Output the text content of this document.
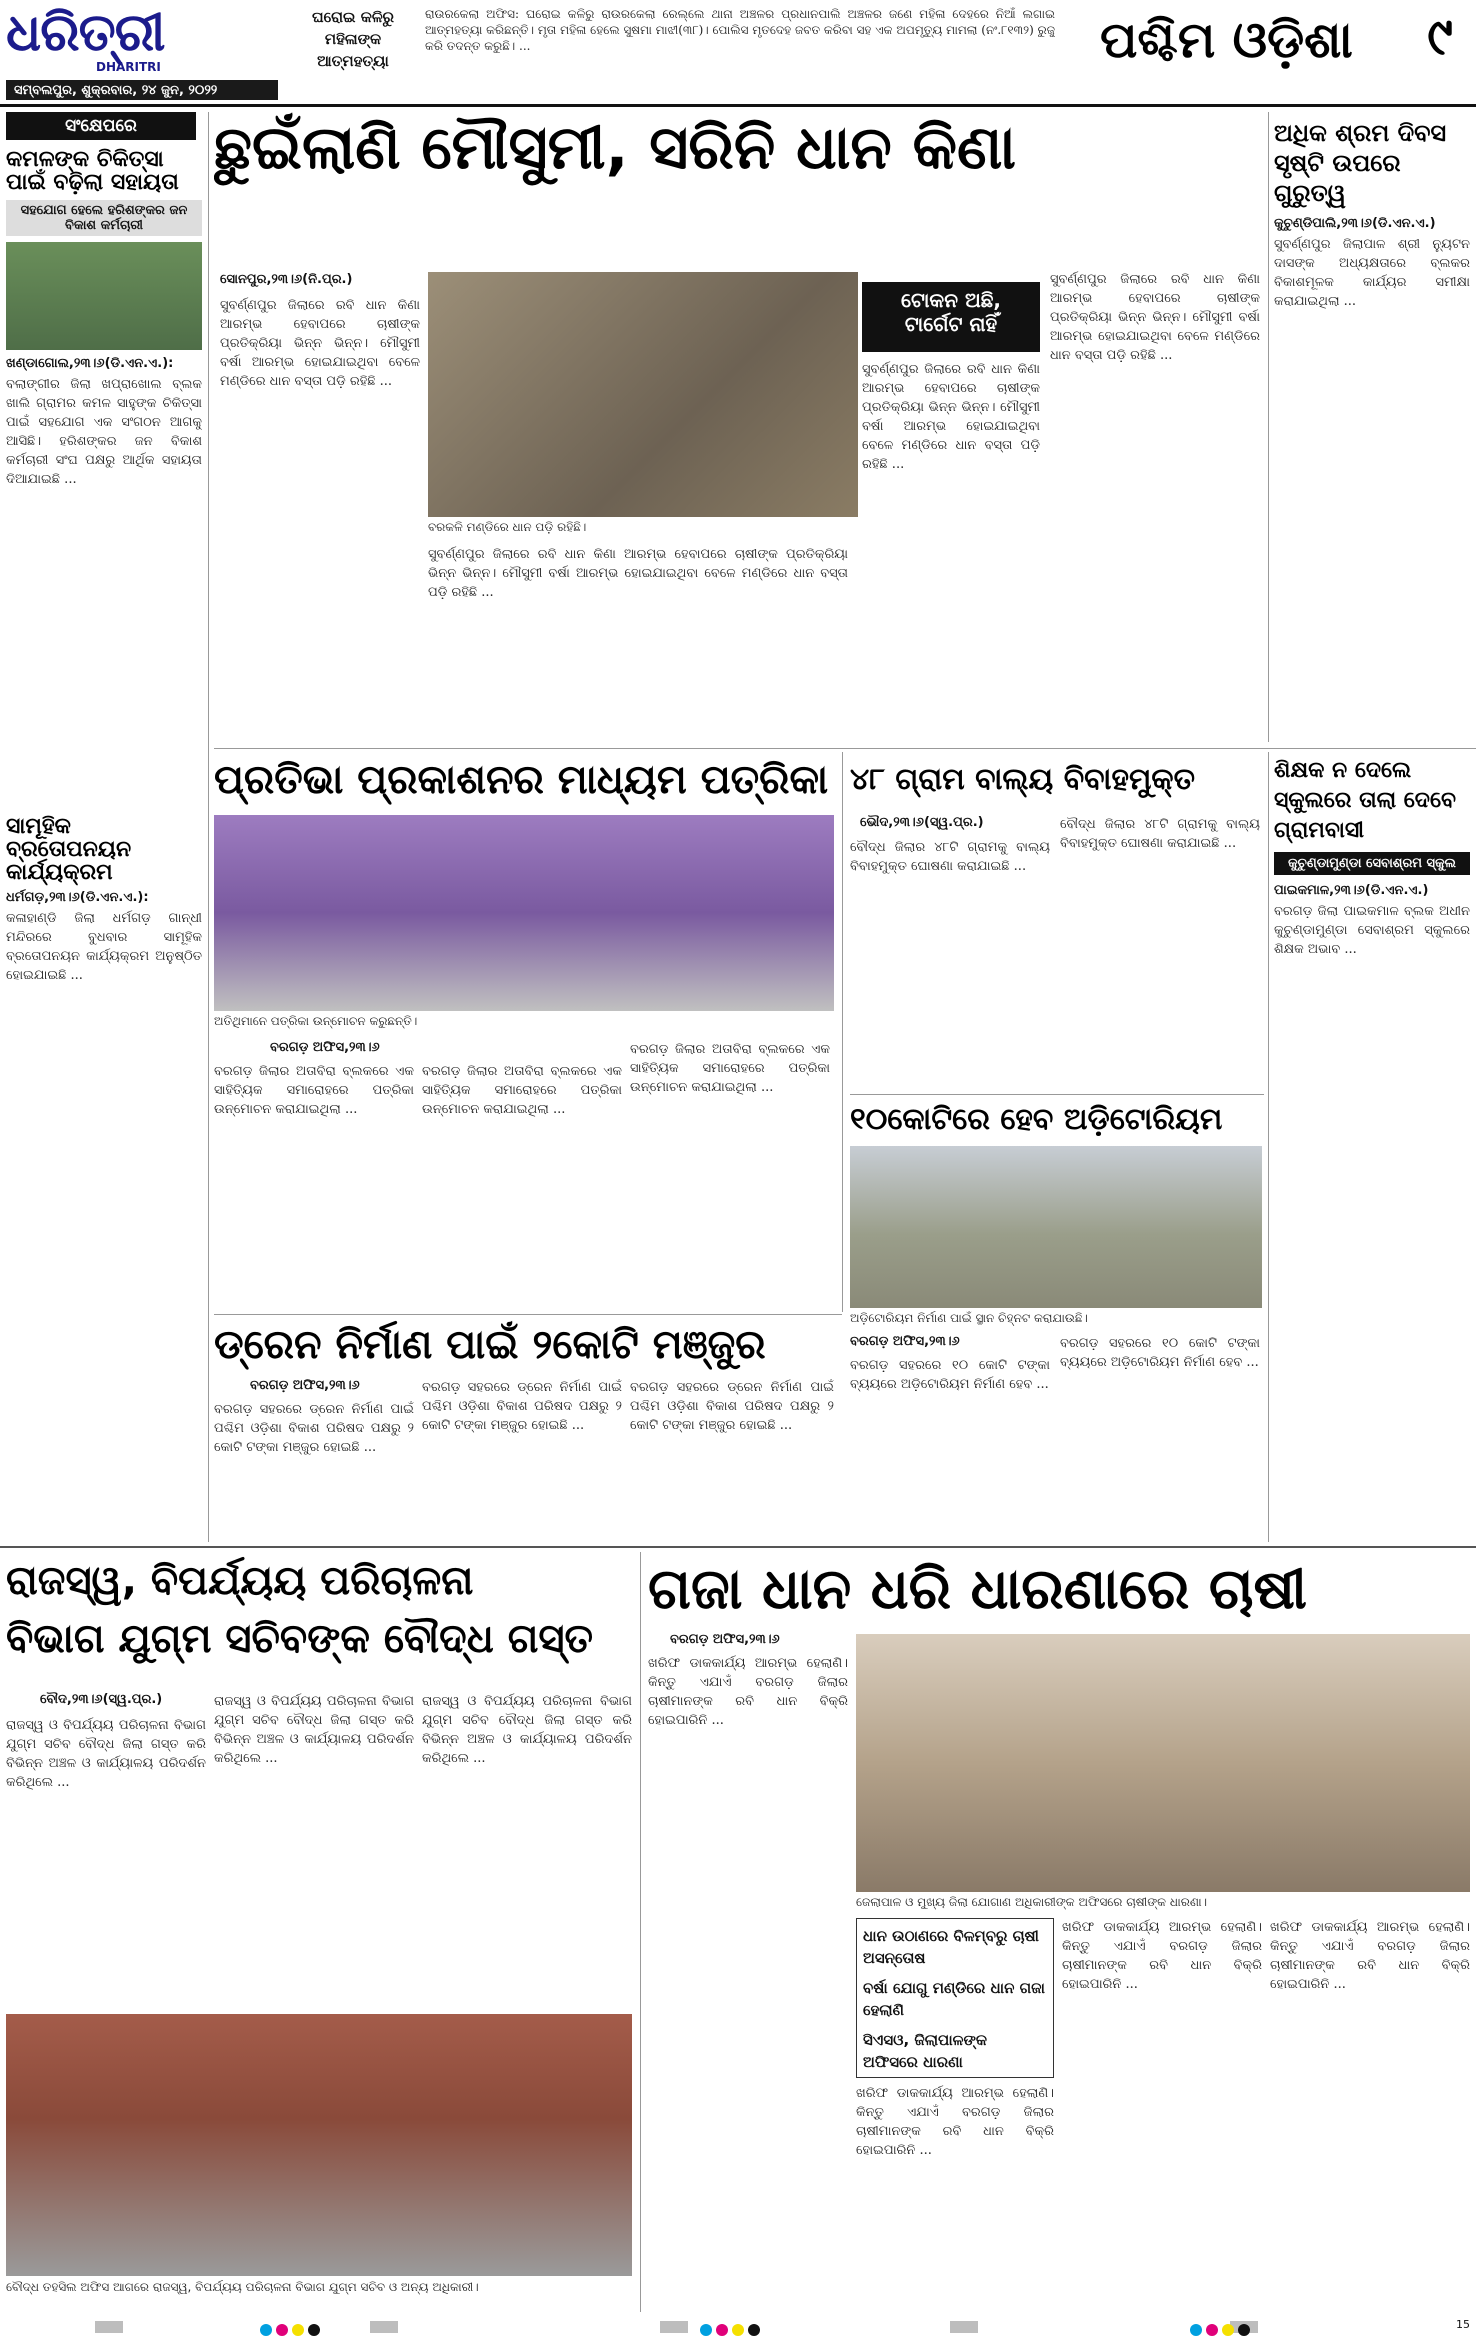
ଧରିତ୍ରୀ
DHARITRI
ସମ୍ବଲପୁର, ଶୁକ୍ରବାର, ୨୪ ଜୁନ, ୨୦୨୨
ଘରୋଇ କଳିରୁ ମହିଳାଙ୍କ ଆତ୍ମହତ୍ୟା
ରାଉରକେଲା ଅଫିସ: ଘରୋଇ କଳିରୁ ରାଉରକେଲା ରେଲ୍ଲେ ଥାନା ଅଞ୍ଚଳର ପ୍ରଧାନପାଲି ଅଞ୍ଚଳର ଜଣେ ମହିଳା ଦେହରେ ନିଆଁ ଲଗାଇ ଆତ୍ମହତ୍ୟା କରିଛନ୍ତି। ମୃତା ମହିଳା ହେଲେ ସୁଷମା ମାଝୀ(୩୮)। ପୋଲିସ ମୃତଦେହ ଜବତ କରିବା ସହ ଏକ ଅପମୃତ୍ୟୁ ମାମଲା (ନଂ.୮୧୩୨) ରୁଜୁ କରି ତଦନ୍ତ କରୁଛି। ...	ପଶ୍ଚିମ ଓଡ଼ିଶା	୯
ସଂକ୍ଷେପରେ
କମଳଙ୍କ ଚିକିତ୍ସା ପାଇଁ ବଢ଼ିଲା ସହାୟତା
ସହଯୋଗ ହେଲେ ହରିଶଙ୍କର ଜନ ବିକାଶ କର୍ମଚାରୀ
ଖଣ୍ଡାଗୋଲ,୨୩।୬(ଡି.ଏନ.ଏ.):
ବଲାଙ୍ଗୀର ଜିଲା ଖପ୍ରାଖୋଲ ବ୍ଲକ ଖାଲି ଗ୍ରାମର କମଳ ସାହୁଙ୍କ ଚିକିତ୍ସା ପାଇଁ ସହଯୋଗ ଏକ ସଂଗଠନ ଆଗକୁ ଆସିଛି। ହରିଶଙ୍କର ଜନ ବିକାଶ କର୍ମଚାରୀ ସଂଘ ପକ୍ଷରୁ ଆର୍ଥିକ ସହାୟତା ଦିଆଯାଇଛି ...
ସାମୂହିକ ବ୍ରତୋପନୟନ କାର୍ଯ୍ୟକ୍ରମ
ଧର୍ମଗଡ଼,୨୩।୬(ଡି.ଏନ.ଏ.):
କଳାହାଣ୍ଡି ଜିଲା ଧର୍ମଗଡ଼ ଗାନ୍ଧୀ ମନ୍ଦିରରେ ବୁଧବାର ସାମୂହିକ ବ୍ରତୋପନୟନ କାର୍ଯ୍ୟକ୍ରମ ଅନୁଷ୍ଠିତ ହୋଇଯାଇଛି ...
ଛୁଇଁଲାଣି ମୌସୁମୀ, ସରିନି ଧାନ କିଣା
ସୋନପୁର,୨୩।୬(ନି.ପ୍ର.)
ସୁବର୍ଣ୍ଣପୁର ଜିଲାରେ ରବି ଧାନ କିଣା ଆରମ୍ଭ ହେବାପରେ ଚାଷୀଙ୍କ ପ୍ରତିକ୍ରିୟା ଭିନ୍ନ ଭିନ୍ନ। ମୌସୁମୀ ବର୍ଷା ଆରମ୍ଭ ହୋଇଯାଇଥିବା ବେଳେ ମଣ୍ଡିରେ ଧାନ ବସ୍ତା ପଡ଼ି ରହିଛି ...
ବରକଳି ମଣ୍ଡିରେ ଧାନ ପଡ଼ି ରହିଛି।
ସୁବର୍ଣ୍ଣପୁର ଜିଲାରେ ରବି ଧାନ କିଣା ଆରମ୍ଭ ହେବାପରେ ଚାଷୀଙ୍କ ପ୍ରତିକ୍ରିୟା ଭିନ୍ନ ଭିନ୍ନ। ମୌସୁମୀ ବର୍ଷା ଆରମ୍ଭ ହୋଇଯାଇଥିବା ବେଳେ ମଣ୍ଡିରେ ଧାନ ବସ୍ତା ପଡ଼ି ରହିଛି ...
ଟୋକନ ଅଛି,
ଟାର୍ଗେଟ ନାହିଁ
ସୁବର୍ଣ୍ଣପୁର ଜିଲାରେ ରବି ଧାନ କିଣା ଆରମ୍ଭ ହେବାପରେ ଚାଷୀଙ୍କ ପ୍ରତିକ୍ରିୟା ଭିନ୍ନ ଭିନ୍ନ। ମୌସୁମୀ ବର୍ଷା ଆରମ୍ଭ ହୋଇଯାଇଥିବା ବେଳେ ମଣ୍ଡିରେ ଧାନ ବସ୍ତା ପଡ଼ି ରହିଛି ...
ସୁବର୍ଣ୍ଣପୁର ଜିଲାରେ ରବି ଧାନ କିଣା ଆରମ୍ଭ ହେବାପରେ ଚାଷୀଙ୍କ ପ୍ରତିକ୍ରିୟା ଭିନ୍ନ ଭିନ୍ନ। ମୌସୁମୀ ବର୍ଷା ଆରମ୍ଭ ହୋଇଯାଇଥିବା ବେଳେ ମଣ୍ଡିରେ ଧାନ ବସ୍ତା ପଡ଼ି ରହିଛି ...
ଅଧିକ ଶ୍ରମ ଦିବସ ସୃଷ୍ଟି ଉପରେ ଗୁରୁତ୍ୱ
କୁଚୁଣ୍ଡିପାଲି,୨୩।୬(ଡି.ଏନ.ଏ.)
ସୁବର୍ଣ୍ଣପୁର ଜିଲାପାଳ ଶ୍ରୀ ନ୍ୟୁଟନ ଦାସଙ୍କ ଅଧ୍ୟକ୍ଷତାରେ ବ୍ଲକର ବିକାଶମୂଳକ କାର୍ଯ୍ୟର ସମୀକ୍ଷା କରାଯାଇଥିଲା ...
ପ୍ରତିଭା ପ୍ରକାଶନର ମାଧ୍ୟମ ପତ୍ରିକା
ଅତିଥିମାନେ ପତ୍ରିକା ଉନ୍ମୋଚନ କରୁଛନ୍ତି।
ବରଗଡ଼ ଅଫିସ,୨୩।୬
ବରଗଡ଼ ଜିଲାର ଅତାବିରା ବ୍ଲକରେ ଏକ ସାହିତ୍ୟିକ ସମାରୋହରେ ପତ୍ରିକା ଉନ୍ମୋଚନ କରାଯାଇଥିଲା ...
ବରଗଡ଼ ଜିଲାର ଅତାବିରା ବ୍ଲକରେ ଏକ ସାହିତ୍ୟିକ ସମାରୋହରେ ପତ୍ରିକା ଉନ୍ମୋଚନ କରାଯାଇଥିଲା ...
ବରଗଡ଼ ଜିଲାର ଅତାବିରା ବ୍ଲକରେ ଏକ ସାହିତ୍ୟିକ ସମାରୋହରେ ପତ୍ରିକା ଉନ୍ମୋଚନ କରାଯାଇଥିଲା ...
୪୮ ଗ୍ରାମ ବାଲ୍ୟ ବିବାହମୁକ୍ତ
ଭୌଦ,୨୩।୬(ସ୍ୱ.ପ୍ର.)
ବୌଦ୍ଧ ଜିଲାର ୪୮ଟି ଗ୍ରାମକୁ ବାଲ୍ୟ ବିବାହମୁକ୍ତ ଘୋଷଣା କରାଯାଇଛି ...
ବୌଦ୍ଧ ଜିଲାର ୪୮ଟି ଗ୍ରାମକୁ ବାଲ୍ୟ ବିବାହମୁକ୍ତ ଘୋଷଣା କରାଯାଇଛି ...
ଶିକ୍ଷକ ନ ଦେଲେ ସ୍କୁଲରେ ତାଲା ଦେବେ ଗ୍ରାମବାସୀ
କୁଚୁଣ୍ଡାମୁଣ୍ଡା ସେବାଶ୍ରମ ସ୍କୁଲ
ପାଇକମାଳ,୨୩।୬(ଡି.ଏନ.ଏ.)
ବରଗଡ଼ ଜିଲା ପାଇକମାଳ ବ୍ଲକ ଅଧୀନ କୁଚୁଣ୍ଡାମୁଣ୍ଡା ସେବାଶ୍ରମ ସ୍କୁଲରେ ଶିକ୍ଷକ ଅଭାବ ...
୧୦କୋଟିରେ ହେବ ଅଡ଼ିଟୋରିୟମ
ଅଡ଼ିଟୋରିୟମ ନିର୍ମାଣ ପାଇଁ ସ୍ଥାନ ଚିହ୍ନଟ କରାଯାଉଛି।
ବରଗଡ଼ ଅଫିସ,୨୩।୬
ବରଗଡ଼ ସହରରେ ୧୦ କୋଟି ଟଙ୍କା ବ୍ୟୟରେ ଅଡ଼ିଟୋରିୟମ ନିର୍ମାଣ ହେବ ...
ବରଗଡ଼ ସହରରେ ୧୦ କୋଟି ଟଙ୍କା ବ୍ୟୟରେ ଅଡ଼ିଟୋରିୟମ ନିର୍ମାଣ ହେବ ...
ଡ୍ରେନ ନିର୍ମାଣ ପାଇଁ ୨କୋଟି ମଞ୍ଜୁର
ବରଗଡ଼ ଅଫିସ,୨୩।୬
ବରଗଡ଼ ସହରରେ ଡ୍ରେନ ନିର୍ମାଣ ପାଇଁ ପଶ୍ଚିମ ଓଡ଼ିଶା ବିକାଶ ପରିଷଦ ପକ୍ଷରୁ ୨ କୋଟି ଟଙ୍କା ମଞ୍ଜୁର ହୋଇଛି ...
ବରଗଡ଼ ସହରରେ ଡ୍ରେନ ନିର୍ମାଣ ପାଇଁ ପଶ୍ଚିମ ଓଡ଼ିଶା ବିକାଶ ପରିଷଦ ପକ୍ଷରୁ ୨ କୋଟି ଟଙ୍କା ମଞ୍ଜୁର ହୋଇଛି ...
ବରଗଡ଼ ସହରରେ ଡ୍ରେନ ନିର୍ମାଣ ପାଇଁ ପଶ୍ଚିମ ଓଡ଼ିଶା ବିକାଶ ପରିଷଦ ପକ୍ଷରୁ ୨ କୋଟି ଟଙ୍କା ମଞ୍ଜୁର ହୋଇଛି ...
ରାଜସ୍ୱ, ବିପର୍ଯ୍ୟୟ ପରିଚାଳନା
ବିଭାଗ ଯୁଗ୍ମ ସଚିବଙ୍କ ବୌଦ୍ଧ ଗସ୍ତ
ବୌଦ,୨୩।୬(ସ୍ୱ.ପ୍ର.)
ରାଜସ୍ୱ ଓ ବିପର୍ଯ୍ୟୟ ପରିଚାଳନା ବିଭାଗ ଯୁଗ୍ମ ସଚିବ ବୌଦ୍ଧ ଜିଲା ଗସ୍ତ କରି ବିଭିନ୍ନ ଅଞ୍ଚଳ ଓ କାର୍ଯ୍ୟାଳୟ ପରିଦର୍ଶନ କରିଥିଲେ ...
ରାଜସ୍ୱ ଓ ବିପର୍ଯ୍ୟୟ ପରିଚାଳନା ବିଭାଗ ଯୁଗ୍ମ ସଚିବ ବୌଦ୍ଧ ଜିଲା ଗସ୍ତ କରି ବିଭିନ୍ନ ଅଞ୍ଚଳ ଓ କାର୍ଯ୍ୟାଳୟ ପରିଦର୍ଶନ କରିଥିଲେ ...
ରାଜସ୍ୱ ଓ ବିପର୍ଯ୍ୟୟ ପରିଚାଳନା ବିଭାଗ ଯୁଗ୍ମ ସଚିବ ବୌଦ୍ଧ ଜିଲା ଗସ୍ତ କରି ବିଭିନ୍ନ ଅଞ୍ଚଳ ଓ କାର୍ଯ୍ୟାଳୟ ପରିଦର୍ଶନ କରିଥିଲେ ...
ବୌଦ୍ଧ ତହସିଲ ଅଫିସ ଆଗରେ ରାଜସ୍ୱ, ବିପର୍ଯ୍ୟୟ ପରିଚାଳନା ବିଭାଗ ଯୁଗ୍ମ ସଚିବ ଓ ଅନ୍ୟ ଅଧିକାରୀ।
ଗଜା ଧାନ ଧରି ଧାରଣାରେ ଚାଷୀ
ବରଗଡ଼ ଅଫିସ,୨୩।୬
ଖରିଫ ଡାକକାର୍ଯ୍ୟ ଆରମ୍ଭ ହେଲାଣି। କିନ୍ତୁ ଏଯାଏଁ ବରଗଡ଼ ଜିଲାର ଚାଷୀମାନଙ୍କ ରବି ଧାନ ବିକ୍ରି ହୋଇପାରିନି ...
ଜେଲାପାଳ ଓ ମୁଖ୍ୟ ଜିଲା ଯୋଗାଣ ଅଧିକାରୀଙ୍କ ଅଫିସରେ ଚାଷୀଙ୍କ ଧାରଣା।
ଧାନ ଉଠାଣରେ ବିଳମ୍ବରୁ ଚାଷୀ ଅସନ୍ତୋଷ
ବର୍ଷା ଯୋଗୁ ମଣ୍ଡିରେ ଧାନ ଗଜା ହେଲାଣି
ସିଏସଓ, ଜିଲାପାଳଙ୍କ ଅଫିସରେ ଧାରଣା
ଖରିଫ ଡାକକାର୍ଯ୍ୟ ଆରମ୍ଭ ହେଲାଣି। କିନ୍ତୁ ଏଯାଏଁ ବରଗଡ଼ ଜିଲାର ଚାଷୀମାନଙ୍କ ରବି ଧାନ ବିକ୍ରି ହୋଇପାରିନି ...
ଖରିଫ ଡାକକାର୍ଯ୍ୟ ଆରମ୍ଭ ହେଲାଣି। କିନ୍ତୁ ଏଯାଏଁ ବରଗଡ଼ ଜିଲାର ଚାଷୀମାନଙ୍କ ରବି ଧାନ ବିକ୍ରି ହୋଇପାରିନି ...
ଖରିଫ ଡାକକାର୍ଯ୍ୟ ଆରମ୍ଭ ହେଲାଣି। କିନ୍ତୁ ଏଯାଏଁ ବରଗଡ଼ ଜିଲାର ଚାଷୀମାନଙ୍କ ରବି ଧାନ ବିକ୍ରି ହୋଇପାରିନି ...
15
